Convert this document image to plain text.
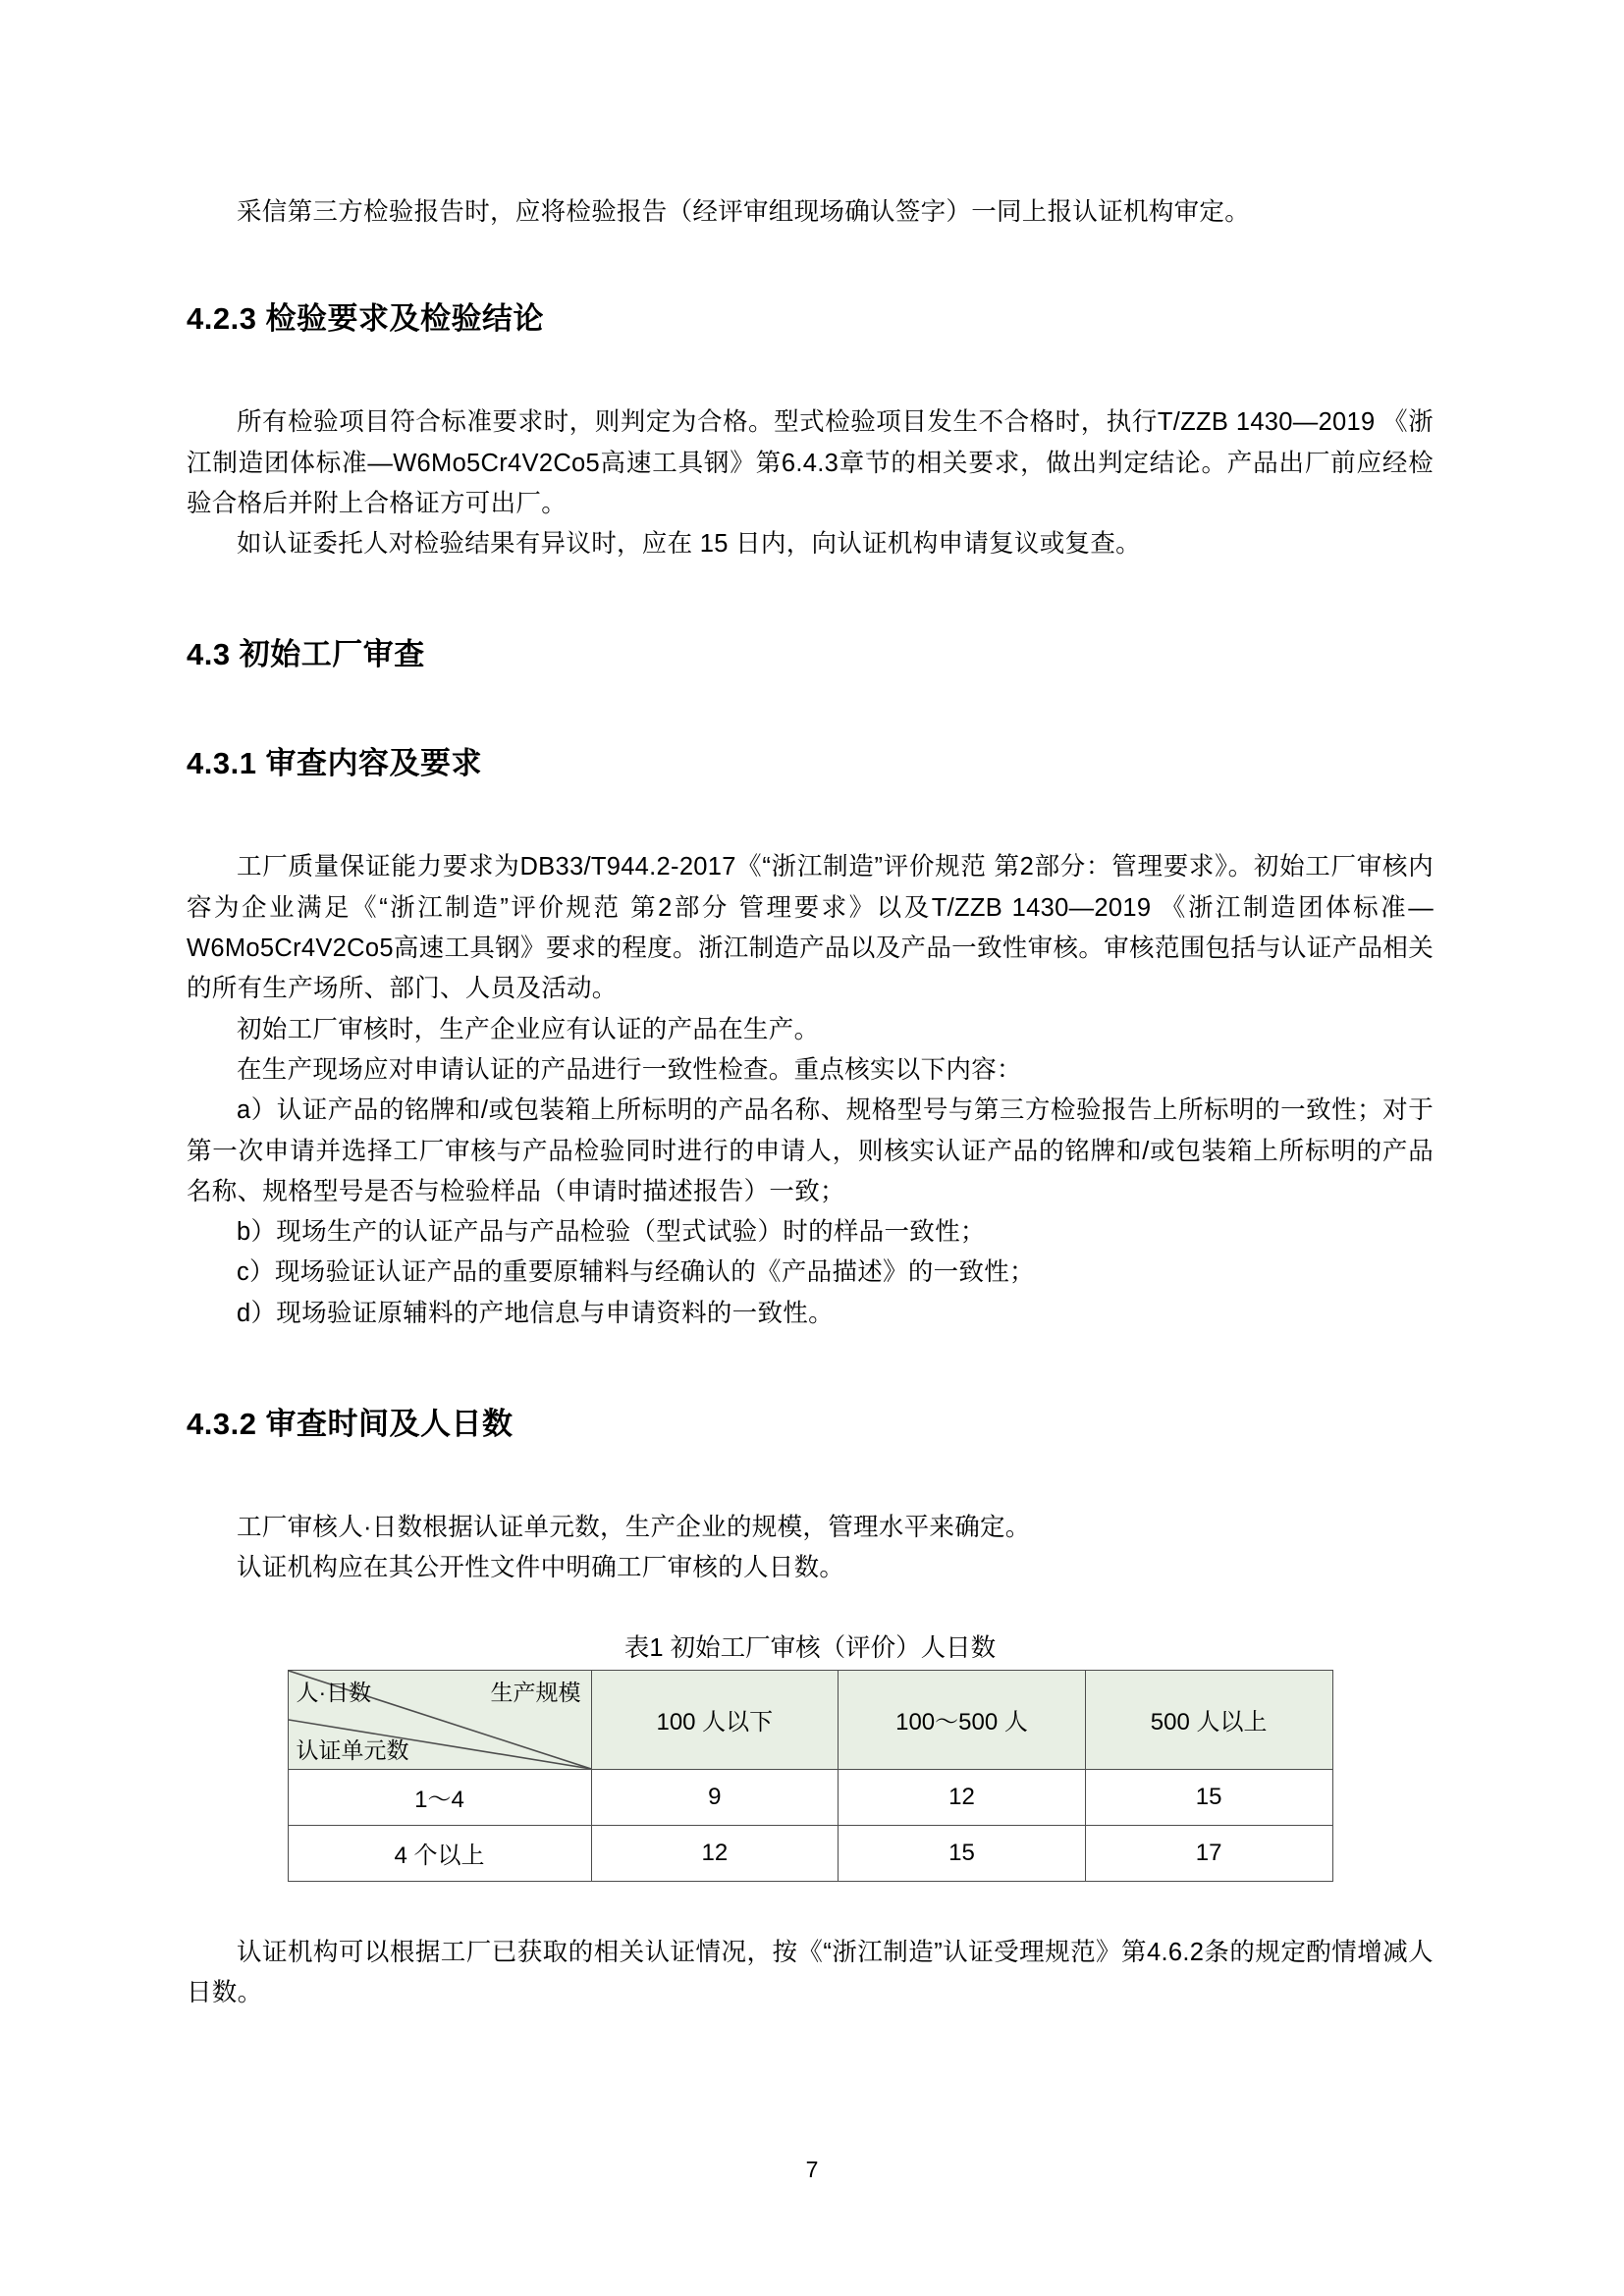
采信第三方检验报告时，应将检验报告（经评审组现场确认签字）一同上报认证机构审定。

4.2.3 检验要求及检验结论

所有检验项目符合标准要求时，则判定为合格。型式检验项目发生不合格时，执行T/ZZB 1430—2019 《浙江制造团体标准—W6Mo5Cr4V2Co5高速工具钢》第6.4.3章节的相关要求，做出判定结论。产品出厂前应经检验合格后并附上合格证方可出厂。

如认证委托人对检验结果有异议时，应在 15 日内，向认证机构申请复议或复查。

4.3 初始工厂审查
4.3.1 审查内容及要求

工厂质量保证能力要求为DB33/T944.2-2017《“浙江制造”评价规范 第2部分：管理要求》。初始工厂审核内容为企业满足《“浙江制造”评价规范 第2部分 管理要求》以及T/ZZB 1430—2019 《浙江制造团体标准—W6Mo5Cr4V2Co5高速工具钢》要求的程度。浙江制造产品以及产品一致性审核。审核范围包括与认证产品相关的所有生产场所、部门、人员及活动。

初始工厂审核时，生产企业应有认证的产品在生产。

在生产现场应对申请认证的产品进行一致性检查。重点核实以下内容：

a）认证产品的铭牌和/或包装箱上所标明的产品名称、规格型号与第三方检验报告上所标明的一致性；对于第一次申请并选择工厂审核与产品检验同时进行的申请人，则核实认证产品的铭牌和/或包装箱上所标明的产品名称、规格型号是否与检验样品（申请时描述报告）一致；

b）现场生产的认证产品与产品检验（型式试验）时的样品一致性；

c）现场验证认证产品的重要原辅料与经确认的《产品描述》的一致性；

d）现场验证原辅料的产地信息与申请资料的一致性。

4.3.2 审查时间及人日数

工厂审核人·日数根据认证单元数，生产企业的规模，管理水平来确定。

认证机构应在其公开性文件中明确工厂审核的人日数。

表1 初始工厂审核（评价）人日数

人·日数 生产规模
认证单元数	100 人以下	100～500 人	500 人以上
1～4	9	12	15
4 个以上	12	15	17

认证机构可以根据工厂已获取的相关认证情况，按《“浙江制造”认证受理规范》第4.6.2条的规定酌情增减人日数。

7
